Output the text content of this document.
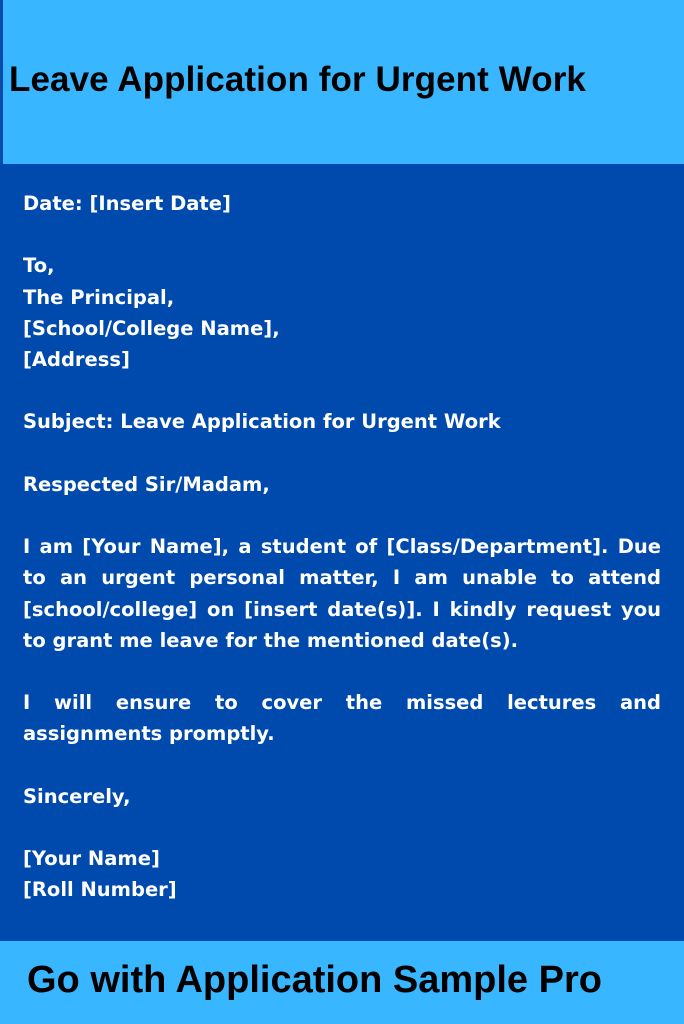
Leave Application for Urgent Work
Date: [Insert Date]
To,
The Principal,
[School/College Name],
[Address]
Subject: Leave Application for Urgent Work
Respected Sir/Madam,

I am [Your Name], a student of [Class/Department]. Due to an urgent personal matter, I am unable to attend [school/college] on [insert date(s)]. I kindly request you to grant me leave for the mentioned date(s).

I will ensure to cover the missed lectures and assignments promptly.

Sincerely,
[Your Name]
[Roll Number]
Go with Application Sample Pro
